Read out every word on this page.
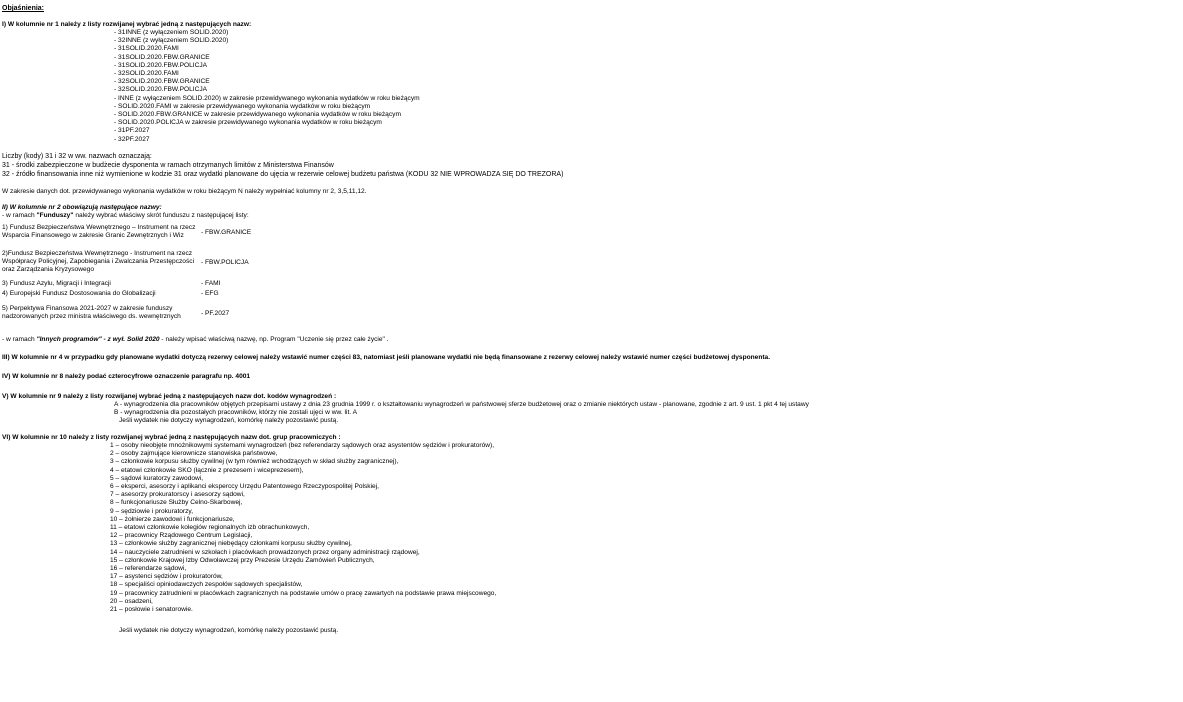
Objaśnienia:
I) W kolumnie nr 1 należy z listy rozwijanej wybrać jedną z następujących nazw:
- 31INNE (z wyłączeniem SOLID.2020)
- 32INNE (z wyłączeniem SOLID.2020)
- 31SOLID.2020.FAMI
- 31SOLID.2020.FBW.GRANICE
- 31SOLID.2020.FBW.POLICJA
- 32SOLID.2020.FAMI
- 32SOLID.2020.FBW.GRANICE
- 32SOLID.2020.FBW.POLICJA
- INNE (z wyłączeniem SOLID.2020) w zakresie przewidywanego wykonania wydatków w roku bieżącym
- SOLID.2020.FAMI w zakresie przewidywanego wykonania wydatków w roku bieżącym
- SOLID.2020.FBW.GRANICE w zakresie przewidywanego wykonania wydatków w roku bieżącym
- SOLID.2020.POLICJA w zakresie przewidywanego wykonania wydatków w roku bieżącym
- 31PF.2027
- 32PF.2027
Liczby (kody) 31 i 32 w ww. nazwach oznaczają:
31 - środki zabezpieczone w budżecie dysponenta w ramach otrzymanych limitów z Ministerstwa Finansów
32 - źródło finansowania inne niż wymienione w kodzie 31 oraz wydatki planowane do ujęcia w rezerwie celowej budżetu państwa (KODU 32 NIE WPROWADZA SIĘ DO TREZORA)
W zakresie danych dot. przewidywanego wykonania wydatków w roku bieżącym N należy wypełniać kolumny nr 2, 3,5,11,12.
II) W kolumnie nr 2 obowiązują następujące nazwy:
- w ramach "Funduszy" należy wybrać właściwy skrót funduszu z następującej listy:
1) Fundusz Bezpieczeństwa Wewnętrznego – Instrument na rzecz
Wsparcia Finansowego w zakresie Granic Zewnętrznych i Wiz	- FBW.GRANICE
2)Fundusz Bezpieczeństwa Wewnętrznego - Instrument na rzecz
Współpracy Policyjnej, Zapobiegania i Zwalczania Przestępczości
oraz Zarządzania Kryzysowego
- FBW.POLICJA
3) Fundusz Azylu, Migracji i Integracji	- FAMI
4) Europejski Fundusz Dostosowania do Globalizacji	- EFG
5) Perpektywa Finansowa 2021-2027 w zakresie funduszy
nadzorowanych przez ministra właściwego ds. wewnętrznych	- PF.2027
- w ramach "Innych programów" - z wył. Solid 2020 - należy wpisać właściwą nazwę, np. Program "Uczenie się przez całe życie" .
III) W kolumnie nr 4 w przypadku gdy planowane wydatki dotyczą rezerwy celowej należy wstawić numer części 83, natomiast jeśli planowane wydatki nie będą finansowane z rezerwy celowej należy wstawić numer części budżetowej dysponenta.
IV) W kolumnie nr 8 należy podać czterocyfrowe oznaczenie paragrafu np. 4001
V) W kolumnie nr 9 należy z listy rozwijanej wybrać jedną z następujących nazw dot. kodów wynagrodzeń :
A - wynagrodzenia dla pracowników objętych przepisami ustawy z dnia 23 grudnia 1999 r. o kształtowaniu wynagrodzeń w państwowej sferze budżetowej oraz o zmianie niektórych ustaw - planowane, zgodnie z art. 9 ust. 1 pkt 4 tej ustawy
B - wynagrodzenia dla pozostałych pracowników, którzy nie zostali ujęci w ww. lit. A
Jeśli wydatek nie dotyczy wynagrodzeń, komórkę należy pozostawić pustą.
VI) W kolumnie nr 10 należy z listy rozwijanej wybrać jedną z następujących nazw dot. grup pracowniczych :
1 – osoby nieobjęte mnożnikowymi systemami wynagrodzeń (bez referendarzy sądowych oraz asystentów sędziów i prokuratorów),
2 – osoby zajmujące kierownicze stanowiska państwowe,
3 – członkowie korpusu służby cywilnej (w tym również wchodzących w skład służby zagranicznej),
4 – etatowi członkowie SKO (łącznie z prezesem i wiceprezesem),
5 – sądowi kuratorzy zawodowi,
6 – eksperci, asesorzy i aplikanci eksperccy Urzędu Patentowego Rzeczypospolitej Polskiej,
7 – asesorzy prokuratorscy i asesorzy sądowi,
8 – funkcjonariusze Służby Celno-Skarbowej,
9 – sędziowie i prokuratorzy,
10 – żołnierze zawodowi i funkcjonariusze,
11 – etatowi członkowie kolegiów regionalnych izb obrachunkowych,
12 – pracownicy Rządowego Centrum Legislacji,
13 – członkowie służby zagranicznej niebędący członkami korpusu służby cywilnej,
14 – nauczyciele zatrudnieni w szkołach i placówkach prowadzonych przez organy administracji rządowej,
15 – członkowie Krajowej Izby Odwoławczej przy Prezesie Urzędu Zamówień Publicznych,
16 – referendarze sądowi,
17 – asystenci sędziów i prokuratorów,
18 – specjaliści opiniodawczych zespołów sądowych specjalistów,
19 – pracownicy zatrudnieni w placówkach zagranicznych na podstawie umów o pracę zawartych na podstawie prawa miejscowego,
20 – osadzeni,
21 – posłowie i senatorowie.
Jeśli wydatek nie dotyczy wynagrodzeń, komórkę należy pozostawić pustą.
